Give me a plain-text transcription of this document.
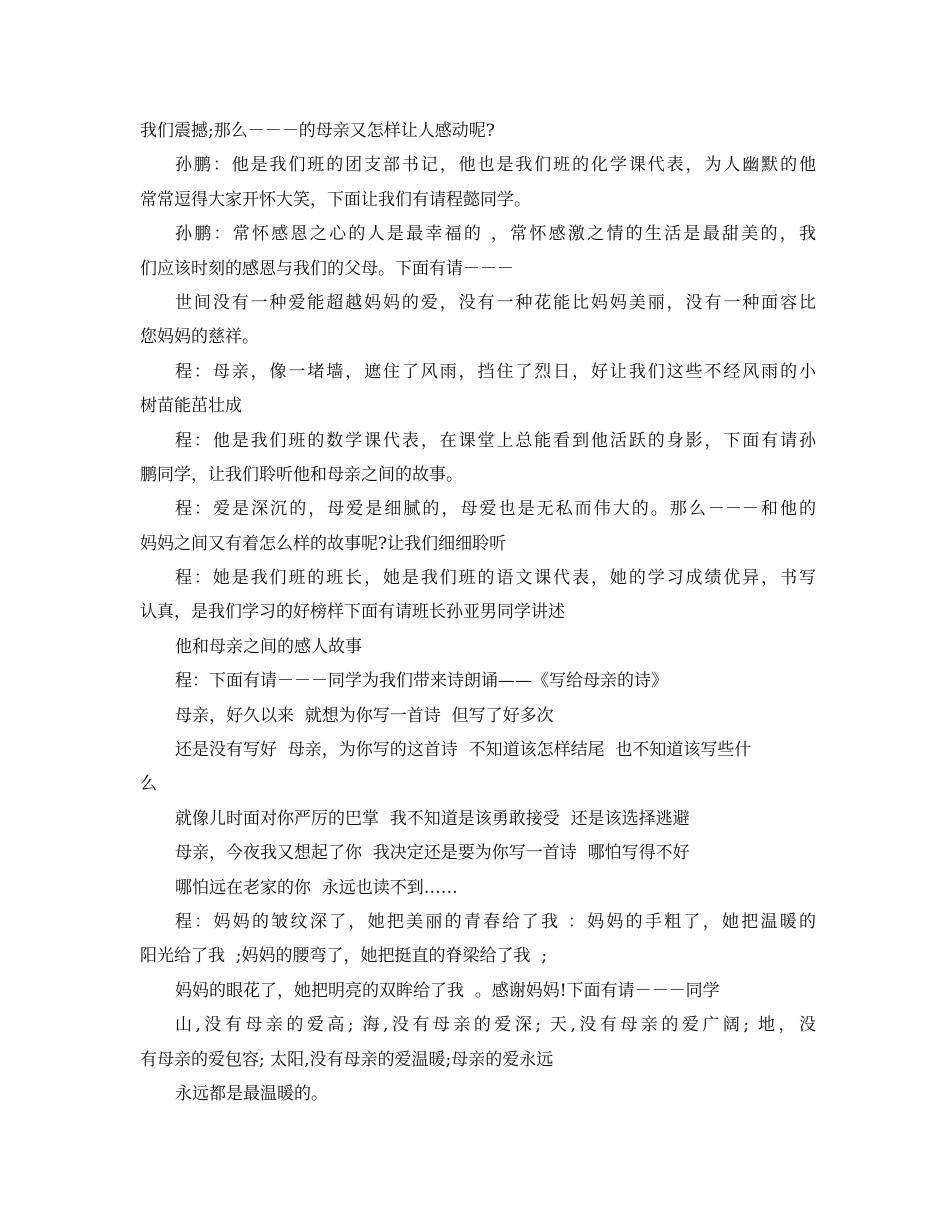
我们震撼;那么－－－的母亲又怎样让人感动呢?
孙鹏：他是我们班的团支部书记，他也是我们班的化学课代表，为人幽默的他
常常逗得大家开怀大笑，下面让我们有请程懿同学。
孙鹏：常怀感恩之心的人是最幸福的 ，常怀感激之情的生活是最甜美的，我
们应该时刻的感恩与我们的父母。下面有请－－－
世间没有一种爱能超越妈妈的爱，没有一种花能比妈妈美丽，没有一种面容比
您妈妈的慈祥。
程：母亲，像一堵墙，遮住了风雨，挡住了烈日，好让我们这些不经风雨的小
树苗能茁壮成
程：他是我们班的数学课代表，在课堂上总能看到他活跃的身影，下面有请孙
鹏同学，让我们聆听他和母亲之间的故事。
程：爱是深沉的，母爱是细腻的，母爱也是无私而伟大的。那么－－－和他的
妈妈之间又有着怎么样的故事呢?让我们细细聆听
程：她是我们班的班长，她是我们班的语文课代表，她的学习成绩优异，书写
认真，是我们学习的好榜样下面有请班长孙亚男同学讲述
他和母亲之间的感人故事
程：下面有请－－－同学为我们带来诗朗诵——《写给母亲的诗》
母亲，好久以来  就想为你写一首诗  但写了好多次
还是没有写好  母亲，为你写的这首诗  不知道该怎样结尾  也不知道该写些什
么
就像儿时面对你严厉的巴掌  我不知道是该勇敢接受  还是该选择逃避
母亲，今夜我又想起了你  我决定还是要为你写一首诗  哪怕写得不好
哪怕远在老家的你  永远也读不到……
程：妈妈的皱纹深了，她把美丽的青春给了我 ：妈妈的手粗了，她把温暖的
阳光给了我  ;妈妈的腰弯了，她把挺直的脊梁给了我  ;
妈妈的眼花了，她把明亮的双眸给了我  。感谢妈妈!下面有请－－－同学
山,没有母亲的爱高; 海,没有母亲的爱深; 天,没有母亲的爱广阔; 地，没
有母亲的爱包容; 太阳,没有母亲的爱温暖;母亲的爱永远
永远都是最温暖的。
